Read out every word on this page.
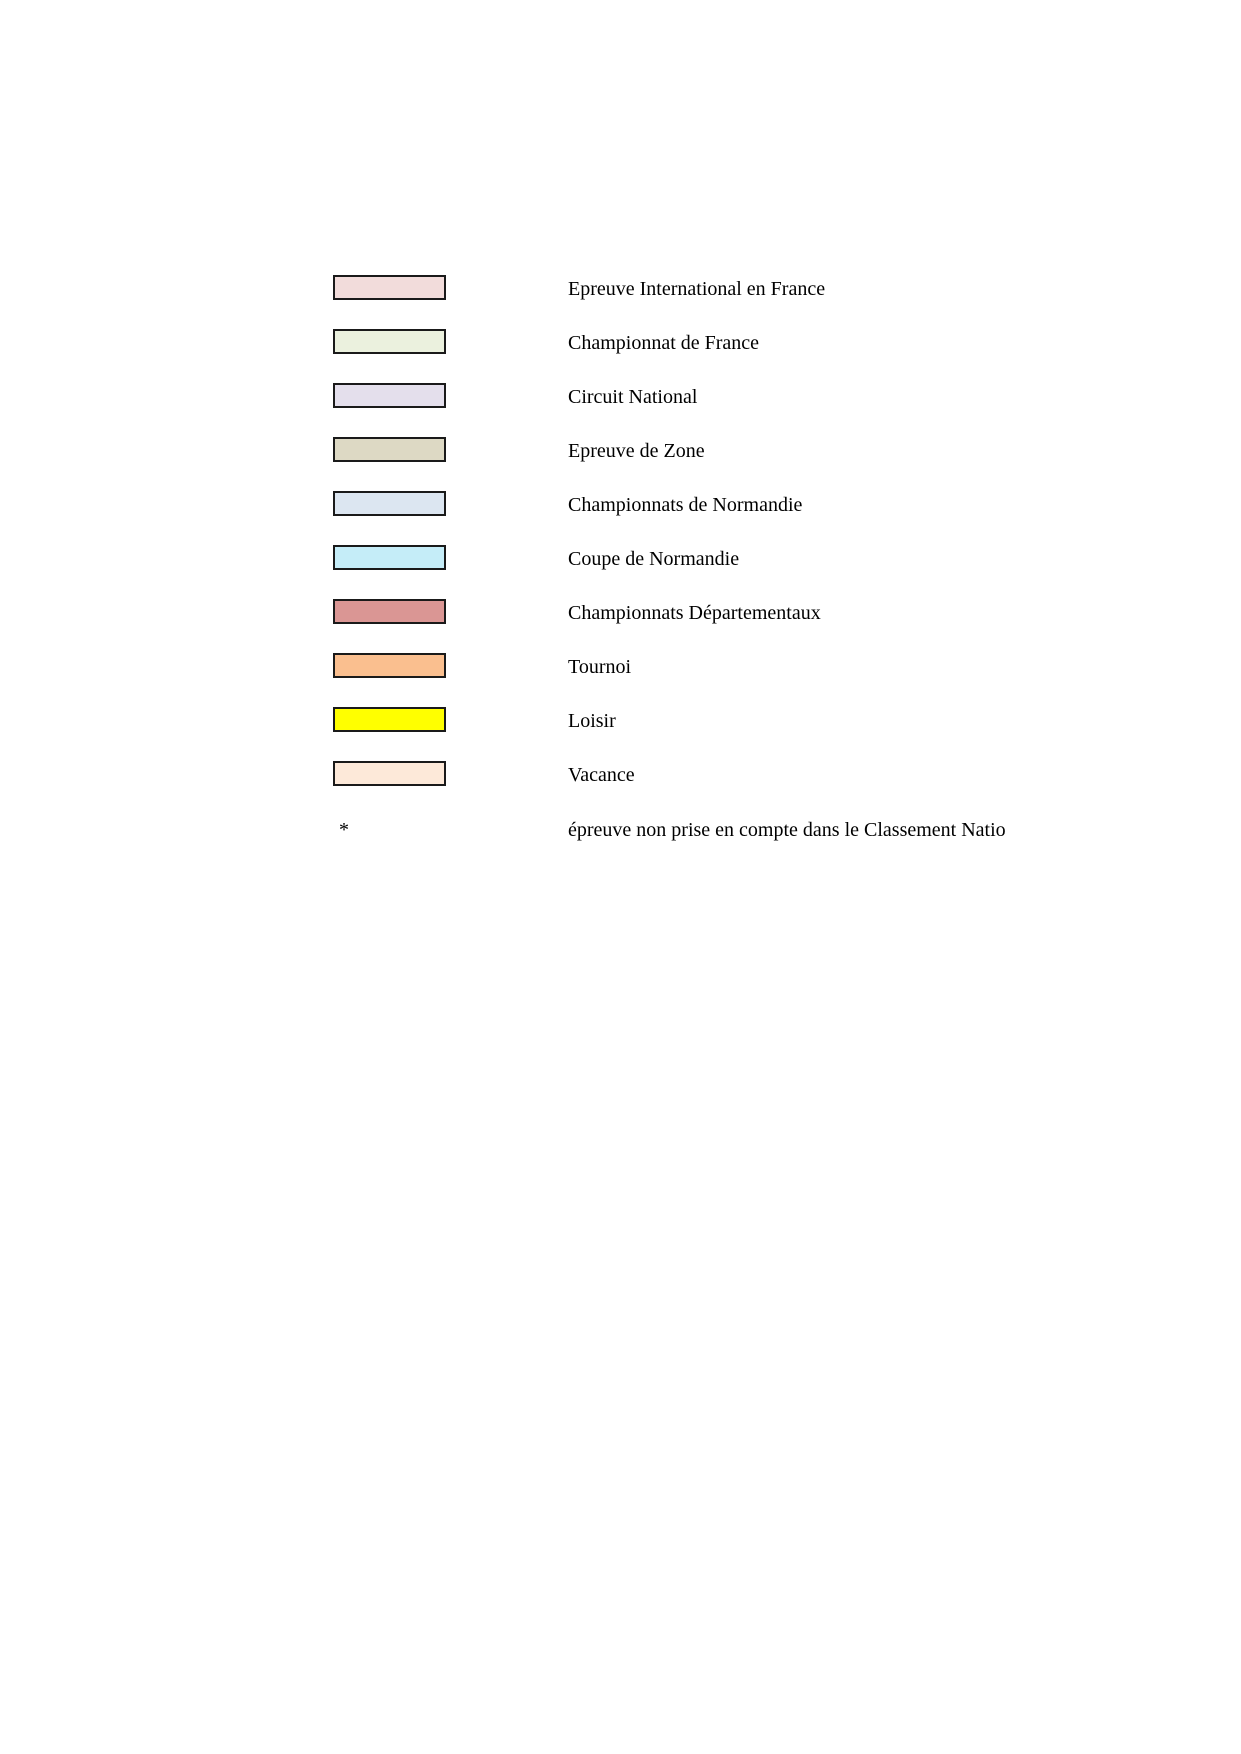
Epreuve International en France
Championnat de France
Circuit National
Epreuve de Zone
Championnats de Normandie
Coupe de Normandie
Championnats Départementaux
Tournoi
Loisir
Vacance
*	épreuve non prise en compte dans le Classement Natio
